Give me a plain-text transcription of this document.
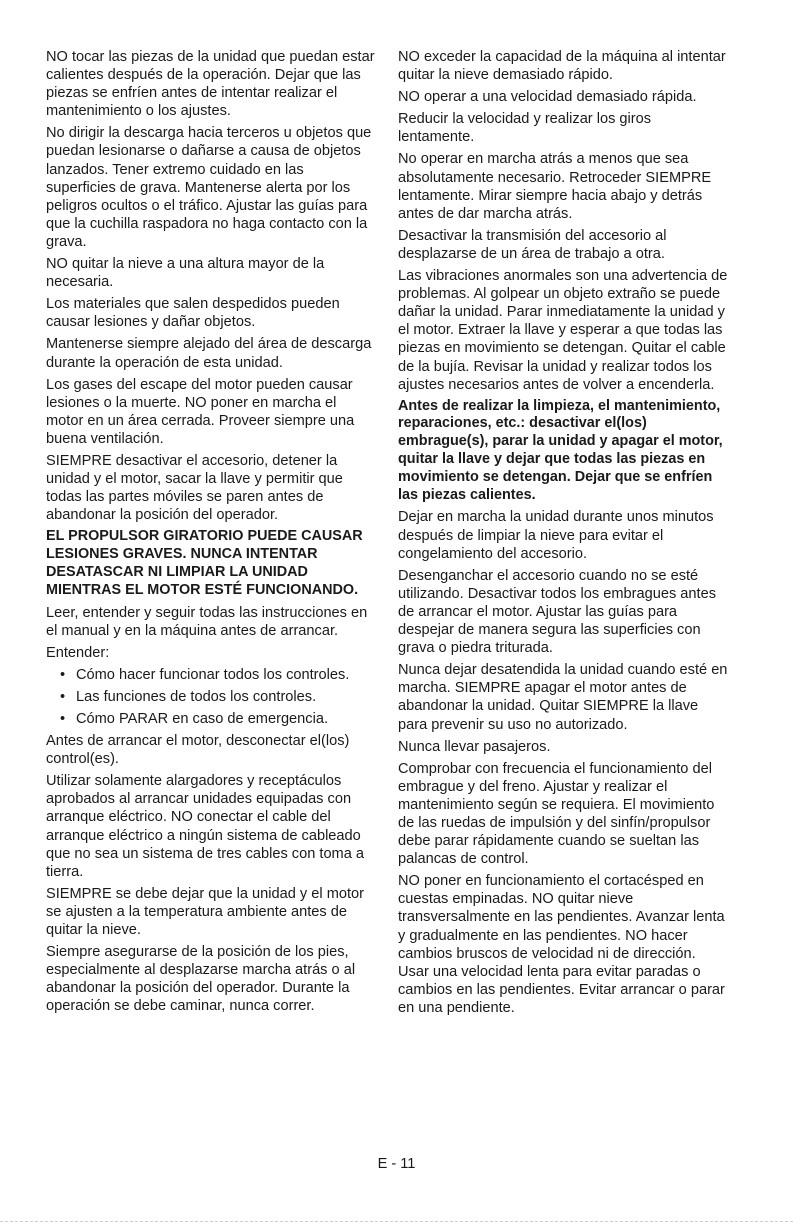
NO tocar las piezas de la unidad que puedan estar calientes después de la operación. Dejar que las piezas se enfríen antes de intentar realizar el mantenimiento o los ajustes.

No dirigir la descarga hacia terceros u objetos que puedan lesionarse o dañarse a causa de objetos lanzados. Tener extremo cuidado en las superficies de grava. Mantenerse alerta por los peligros ocultos o el tráfico. Ajustar las guías para que la cuchilla raspadora no haga contacto con la grava.

NO quitar la nieve a una altura mayor de la necesaria.

Los materiales que salen despedidos pueden causar lesiones y dañar objetos.

Mantenerse siempre alejado del área de descarga durante la operación de esta unidad.

Los gases del escape del motor pueden causar lesiones o la muerte. NO poner en marcha el motor en un área cerrada. Proveer siempre una buena ventilación.

SIEMPRE desactivar el accesorio, detener la unidad y el motor, sacar la llave y permitir que todas las partes móviles se paren antes de abandonar la posición del operador.

EL PROPULSOR GIRATORIO PUEDE CAUSAR LESIONES GRAVES. NUNCA INTENTAR DESATASCAR NI LIMPIAR LA UNIDAD MIENTRAS EL MOTOR ESTÉ FUNCIONANDO.

Leer, entender y seguir todas las instrucciones en el manual y en la máquina antes de arrancar.

Entender:

• Cómo hacer funcionar todos los controles.
• Las funciones de todos los controles.
• Cómo PARAR en caso de emergencia.

Antes de arrancar el motor, desconectar el(los) control(es).

Utilizar solamente alargadores y receptáculos aprobados al arrancar unidades equipadas con arranque eléctrico. NO conectar el cable del arranque eléctrico a ningún sistema de cableado que no sea un sistema de tres cables con toma a tierra.

SIEMPRE se debe dejar que la unidad y el motor se ajusten a la temperatura ambiente antes de quitar la nieve.

Siempre asegurarse de la posición de los pies, especialmente al desplazarse marcha atrás o al abandonar la posición del operador. Durante la operación se debe caminar, nunca correr.

NO exceder la capacidad de la máquina al intentar quitar la nieve demasiado rápido.

NO operar a una velocidad demasiado rápida.

Reducir la velocidad y realizar los giros lentamente.

No operar en marcha atrás a menos que sea absolutamente necesario. Retroceder SIEMPRE lentamente. Mirar siempre hacia abajo y detrás antes de dar marcha atrás.

Desactivar la transmisión del accesorio al desplazarse de un área de trabajo a otra.

Las vibraciones anormales son una advertencia de problemas. Al golpear un objeto extraño se puede dañar la unidad. Parar inmediatamente la unidad y el motor. Extraer la llave y esperar a que todas las piezas en movimiento se detengan. Quitar el cable de la bujía. Revisar la unidad y realizar todos los ajustes necesarios antes de volver a encenderla.

Antes de realizar la limpieza, el mantenimiento, reparaciones, etc.: desactivar el(los) embrague(s), parar la unidad y apagar el motor, quitar la llave y dejar que todas las piezas en movimiento se detengan. Dejar que se enfríen las piezas calientes.

Dejar en marcha la unidad durante unos minutos después de limpiar la nieve para evitar el congelamiento del accesorio.

Desenganchar el accesorio cuando no se esté utilizando. Desactivar todos los embragues antes de arrancar el motor. Ajustar las guías para despejar de manera segura las superficies con grava o piedra triturada.

Nunca dejar desatendida la unidad cuando esté en marcha. SIEMPRE apagar el motor antes de abandonar la unidad. Quitar SIEMPRE la llave para prevenir su uso no autorizado.

Nunca llevar pasajeros.

Comprobar con frecuencia el funcionamiento del embrague y del freno. Ajustar y realizar el mantenimiento según se requiera. El movimiento de las ruedas de impulsión y del sinfín/propulsor debe parar rápidamente cuando se sueltan las palancas de control.

NO poner en funcionamiento el cortacésped en cuestas empinadas. NO quitar nieve transversalmente en las pendientes. Avanzar lenta y gradualmente en las pendientes. NO hacer cambios bruscos de velocidad ni de dirección. Usar una velocidad lenta para evitar paradas o cambios en las pendientes. Evitar arrancar o parar en una pendiente.

E - 11
